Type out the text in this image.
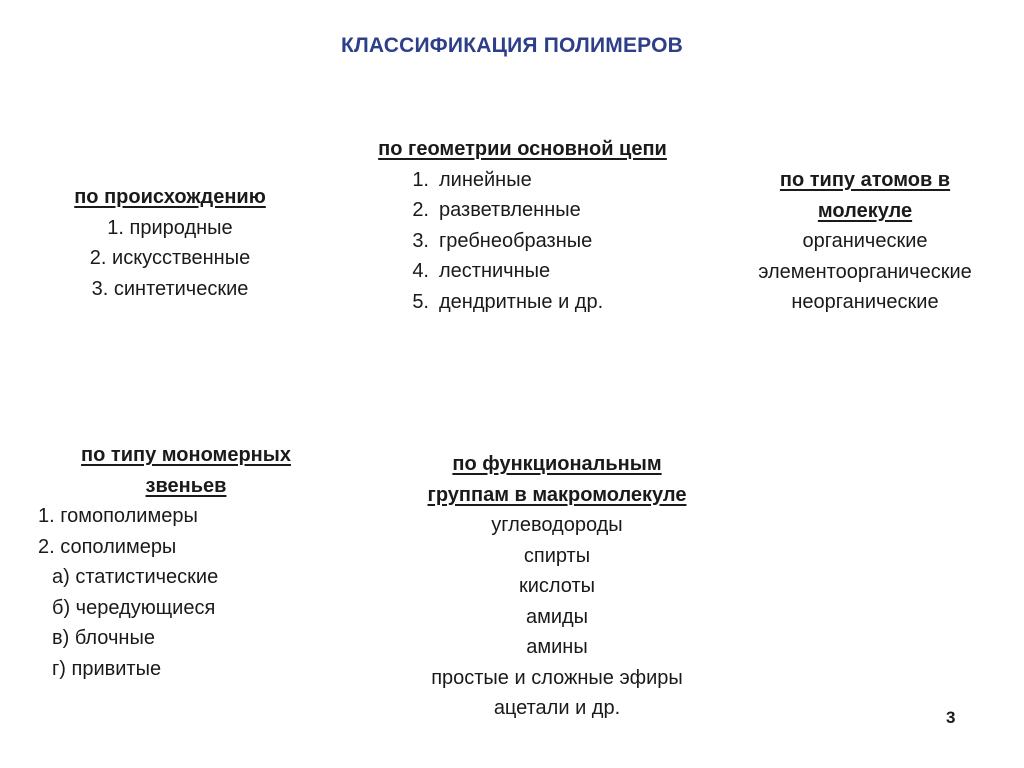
КЛАССИФИКАЦИЯ ПОЛИМЕРОВ
по происхождению
1. природные
2. искусственные
3. синтетические
по геометрии основной цепи
1. линейные
2. разветвленные
3. гребнеобразные
4. лестничные
5. дендритные и др.
по типу атомов в
молекуле
органические
элементоорганические
неорганические
по типу мономерных
звеньев
1. гомополимеры
2. сополимеры
а) статистические
б) чередующиеся
в) блочные
г) привитые
по функциональным
группам в макромолекуле
углеводороды
спирты
кислоты
амиды
амины
простые и сложные эфиры
ацетали и др.	3
